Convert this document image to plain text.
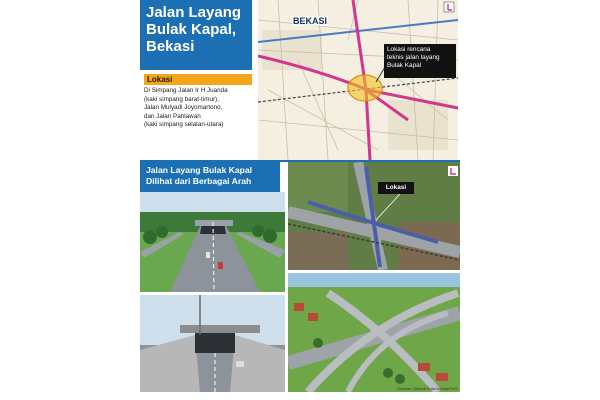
Jalan Layang
Bulak Kapal,
Bekasi
Lokasi
Di Simpang Jalan Ir H Juanda
(kaki simpang barat-timur),
Jalan Mulyadi Joyomartono,
dan Jalan Pahlawan
(kaki simpang selatan-utara)
BEKASI
Lokasi rencana
teknis jalan layang
Bulak Kapal
Jalan Layang Bulak Kapal
Dilihat dari Berbagai Arah
Lokasi
Sumber: Dishub Kota Bekasi/TILE
